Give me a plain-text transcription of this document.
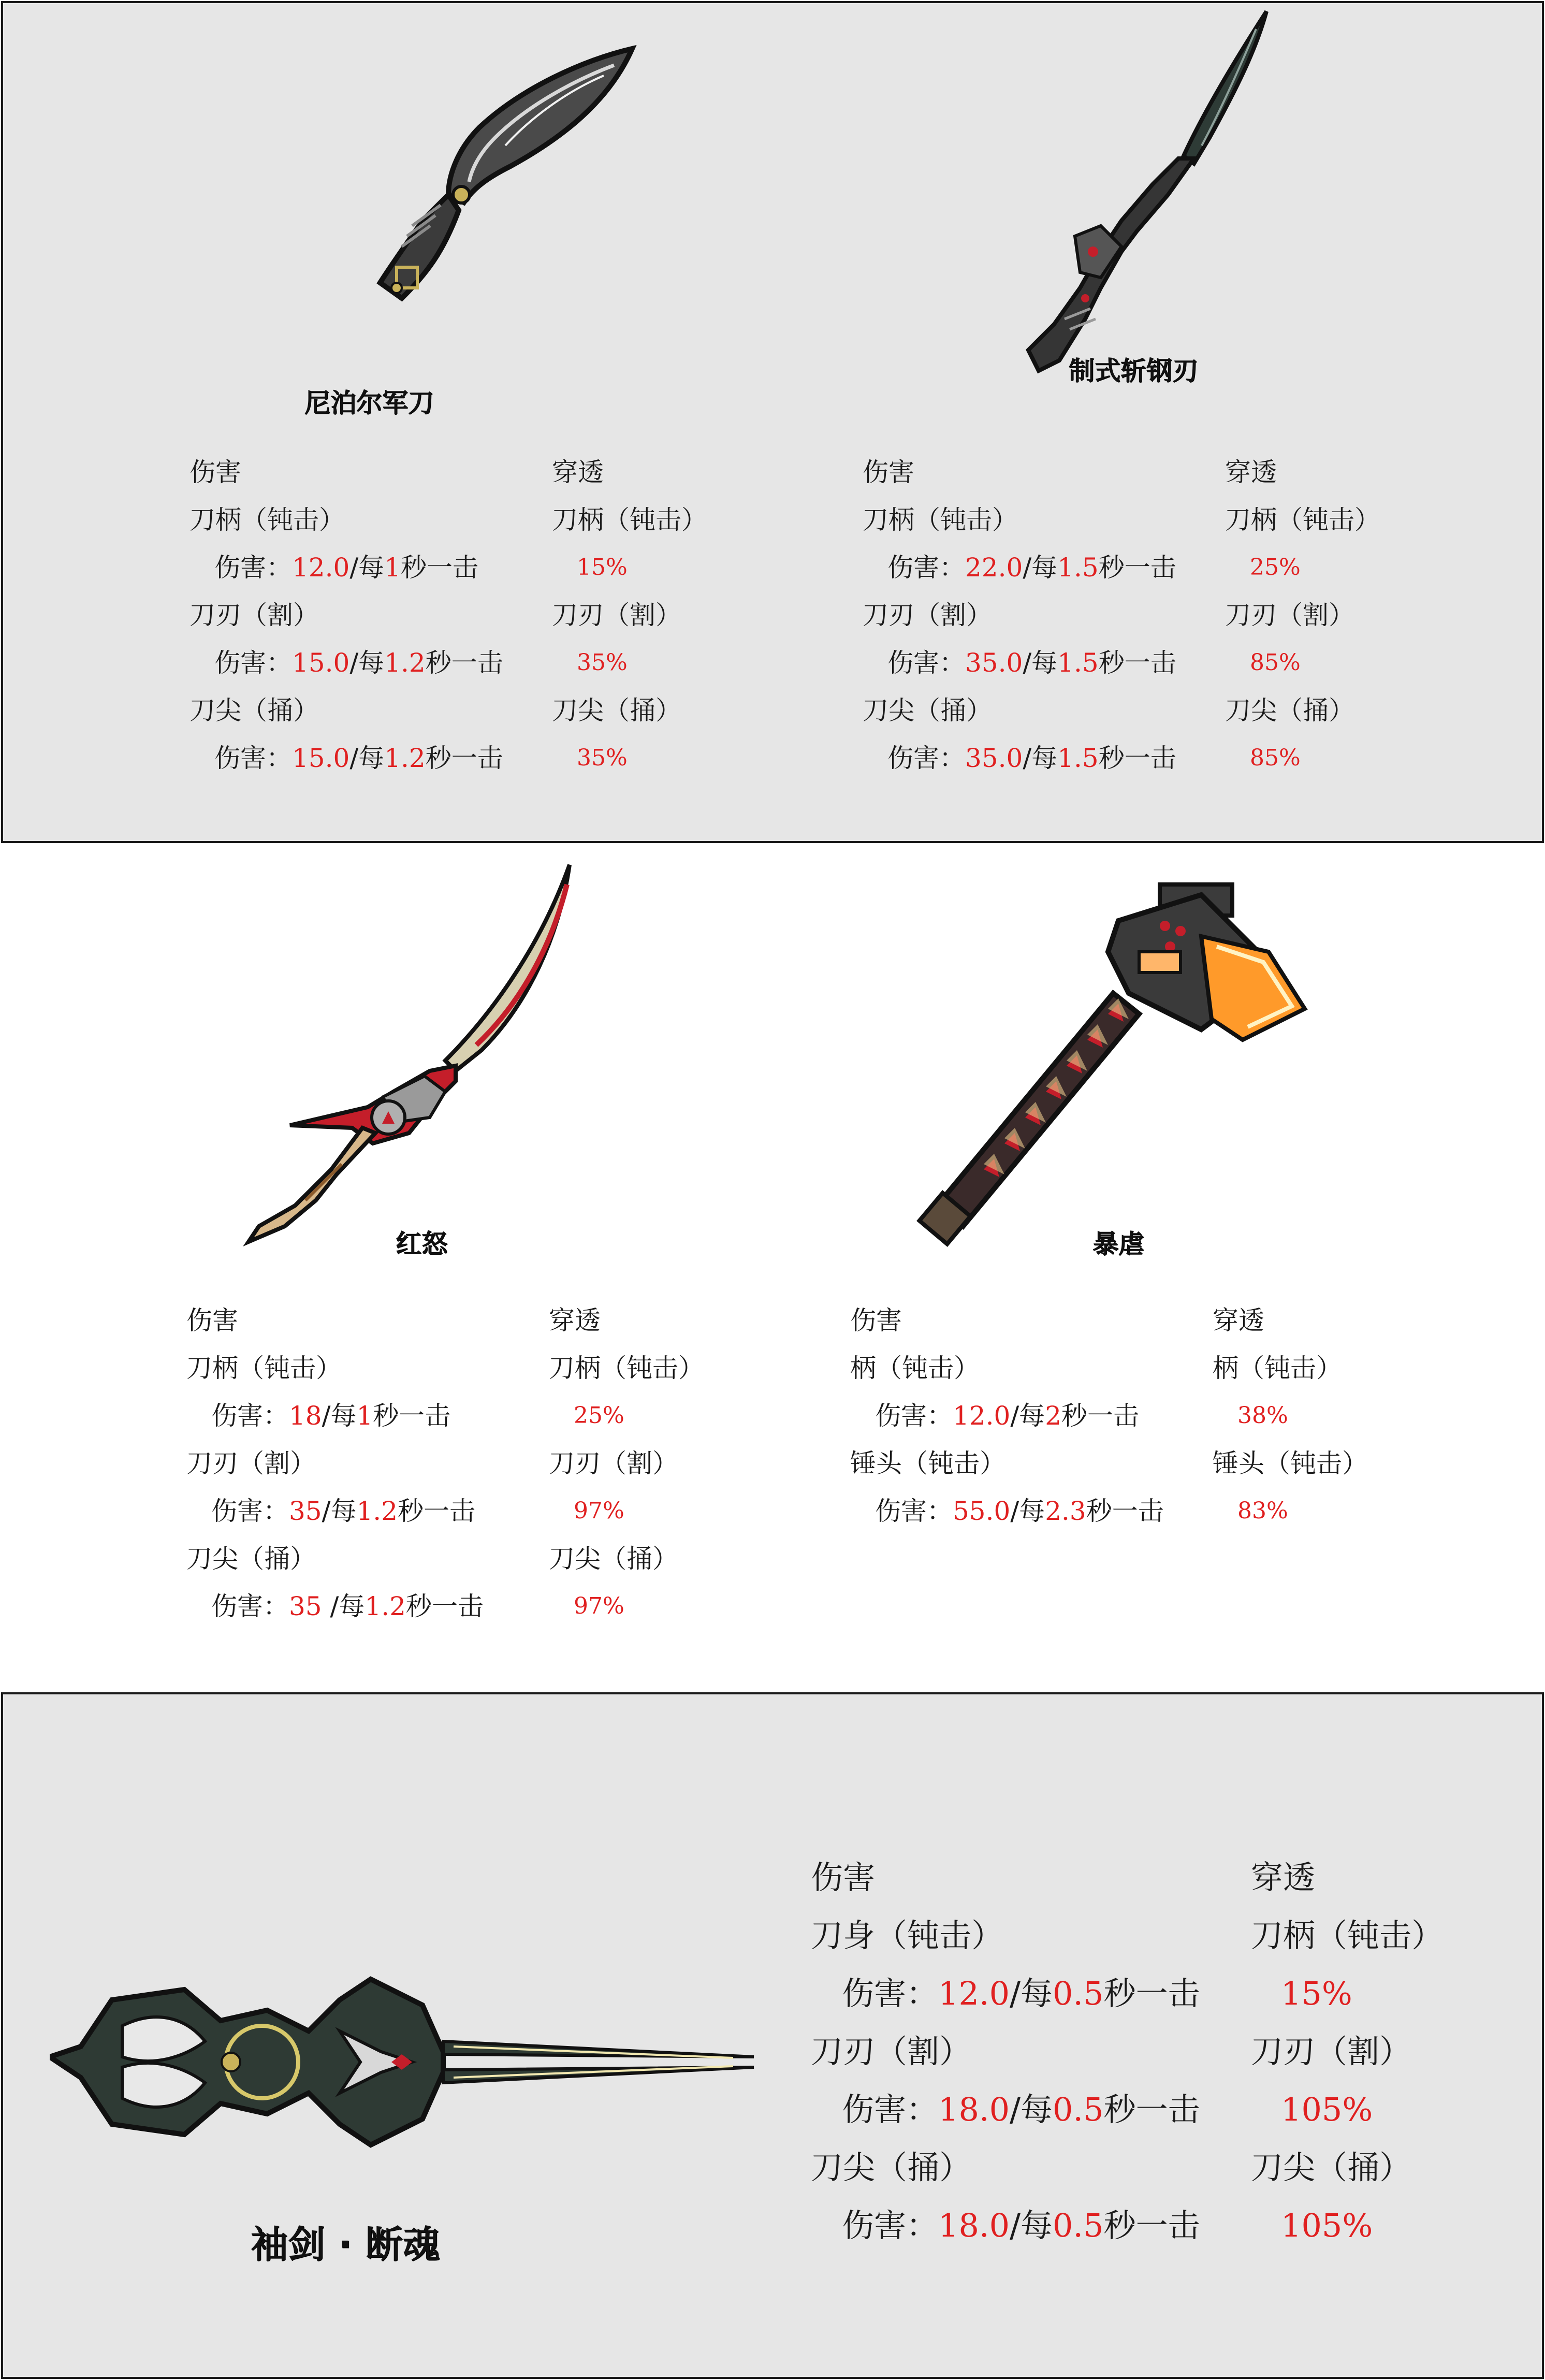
尼泊尔军刀
制式斩钢刃
伤害
刀柄（钝击）
伤害：12.0/每1秒一击
刀刃（割）
伤害：15.0/每1.2秒一击
刀尖（捅）
伤害：15.0/每1.2秒一击
穿透
刀柄（钝击）
15%
刀刃（割）
35%
刀尖（捅）
35%
伤害
刀柄（钝击）
伤害：22.0/每1.5秒一击
刀刃（割）
伤害：35.0/每1.5秒一击
刀尖（捅）
伤害：35.0/每1.5秒一击
穿透
刀柄（钝击）
25%
刀刃（割）
85%
刀尖（捅）
85%
红怒	暴虐
伤害
刀柄（钝击）
伤害：18/每1秒一击
刀刃（割）
伤害：35/每1.2秒一击
刀尖（捅）
伤害：35 /每1.2秒一击
穿透
刀柄（钝击）
25%
刀刃（割）
97%
刀尖（捅）
97%
伤害
柄（钝击）
伤害：12.0/每2秒一击
锤头（钝击）
伤害：55.0/每2.3秒一击
穿透
柄（钝击）
38%
锤头（钝击）
83%
袖剑 · 断魂
伤害
刀身（钝击）
伤害：12.0/每0.5秒一击
刀刃（割）
伤害：18.0/每0.5秒一击
刀尖（捅）
伤害：18.0/每0.5秒一击
穿透
刀柄（钝击）
15%
刀刃（割）
105%
刀尖（捅）
105%
